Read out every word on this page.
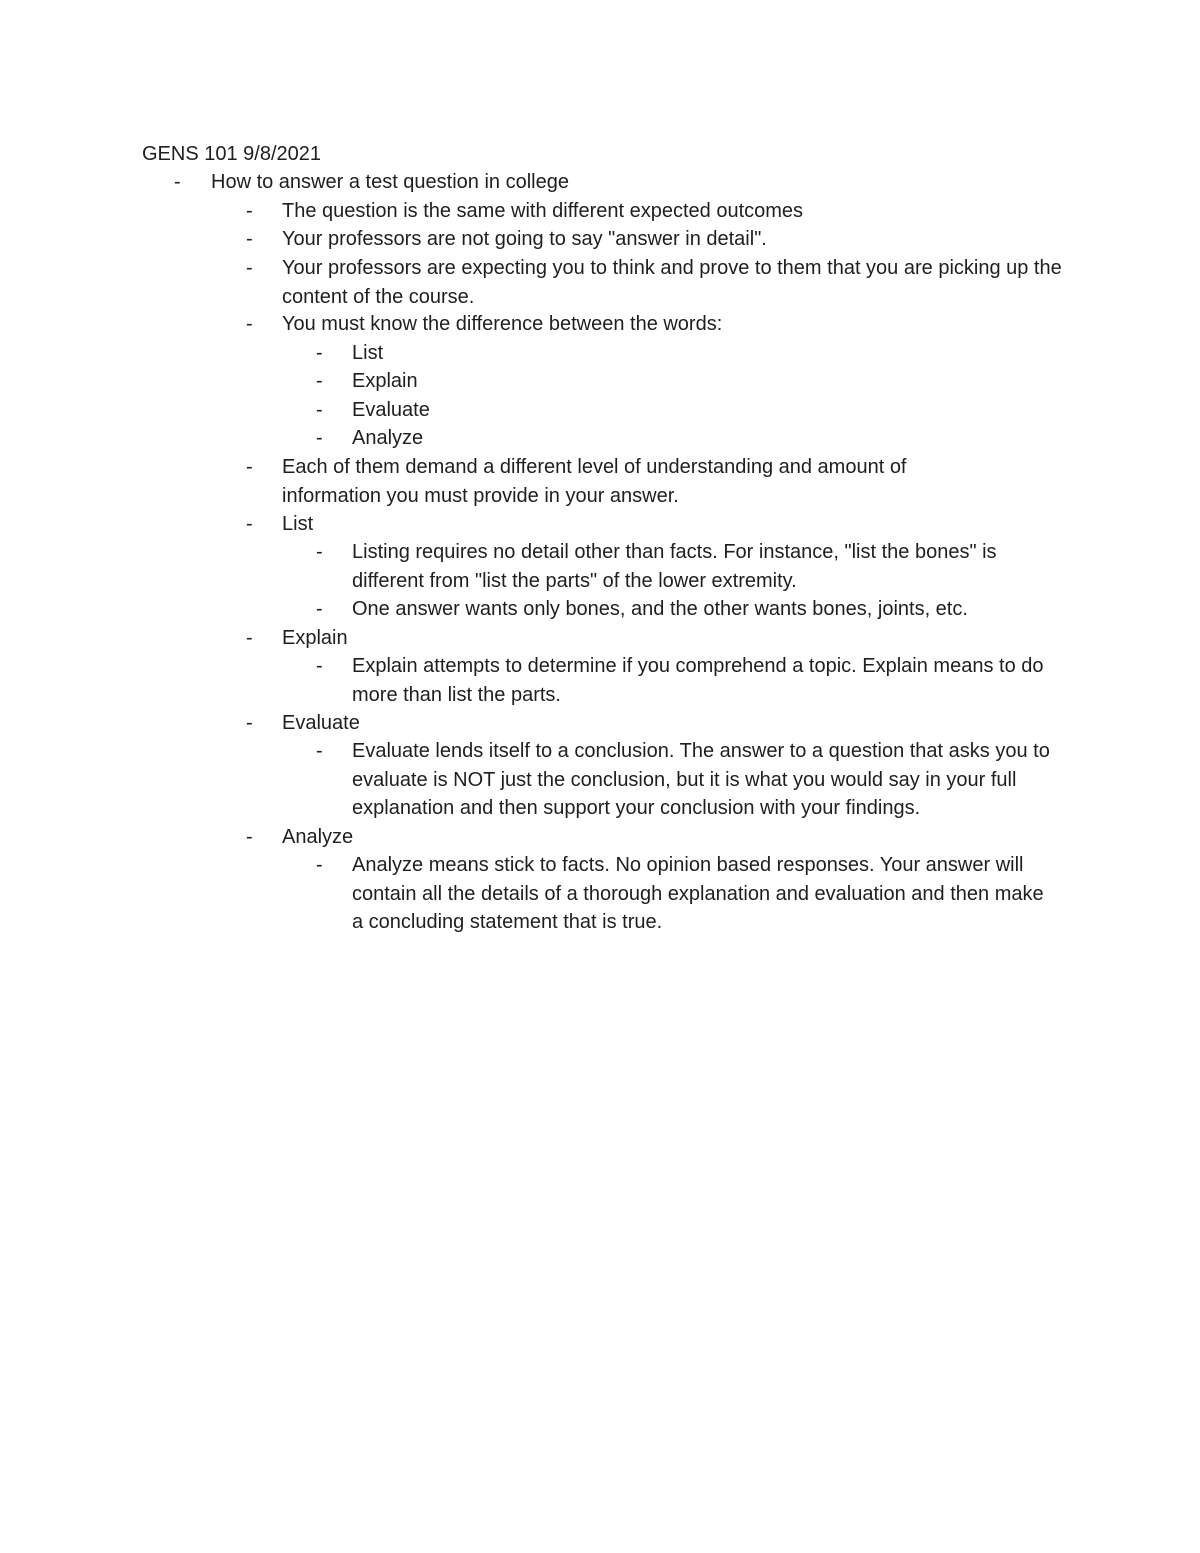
GENS 101 9/8/2021
- How to answer a test question in college
- The question is the same with different expected outcomes
- Your professors are not going to say "answer in detail".
- Your professors are expecting you to think and prove to them that you are picking up the content of the course.
- You must know the difference between the words:
- List
- Explain
- Evaluate
- Analyze
- Each of them demand a different level of understanding and amount of information you must provide in your answer.
- List
- Listing requires no detail other than facts. For instance, "list the bones" is different from "list the parts" of the lower extremity.
- One answer wants only bones, and the other wants bones, joints, etc.
- Explain
- Explain attempts to determine if you comprehend a topic. Explain means to do more than list the parts.
- Evaluate
- Evaluate lends itself to a conclusion. The answer to a question that asks you to evaluate is NOT just the conclusion, but it is what you would say in your full explanation and then support your conclusion with your findings.
- Analyze
- Analyze means stick to facts. No opinion based responses. Your answer will contain all the details of a thorough explanation and evaluation and then make a concluding statement that is true.
